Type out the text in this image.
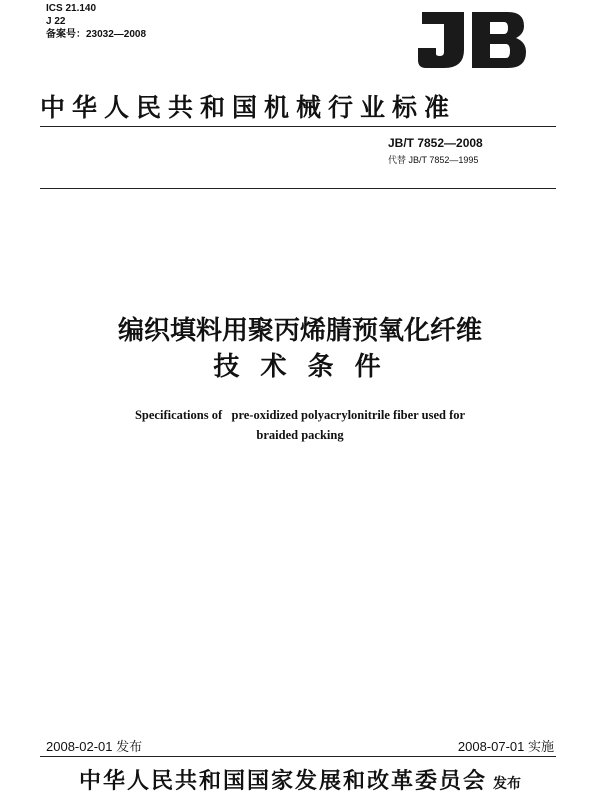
ICS 21.140
J 22
备案号：23032—2008
中华人民共和国机械行业标准
JB/T 7852—2008
代替 JB/T 7852—1995
编织填料用聚丙烯腈预氧化纤维
技 术 条 件
Specifications of   pre-oxidized polyacrylonitrile fiber used for
braided packing
2008-02-01 发布	2008-07-01 实施
中华人民共和国国家发展和改革委员会 发布
